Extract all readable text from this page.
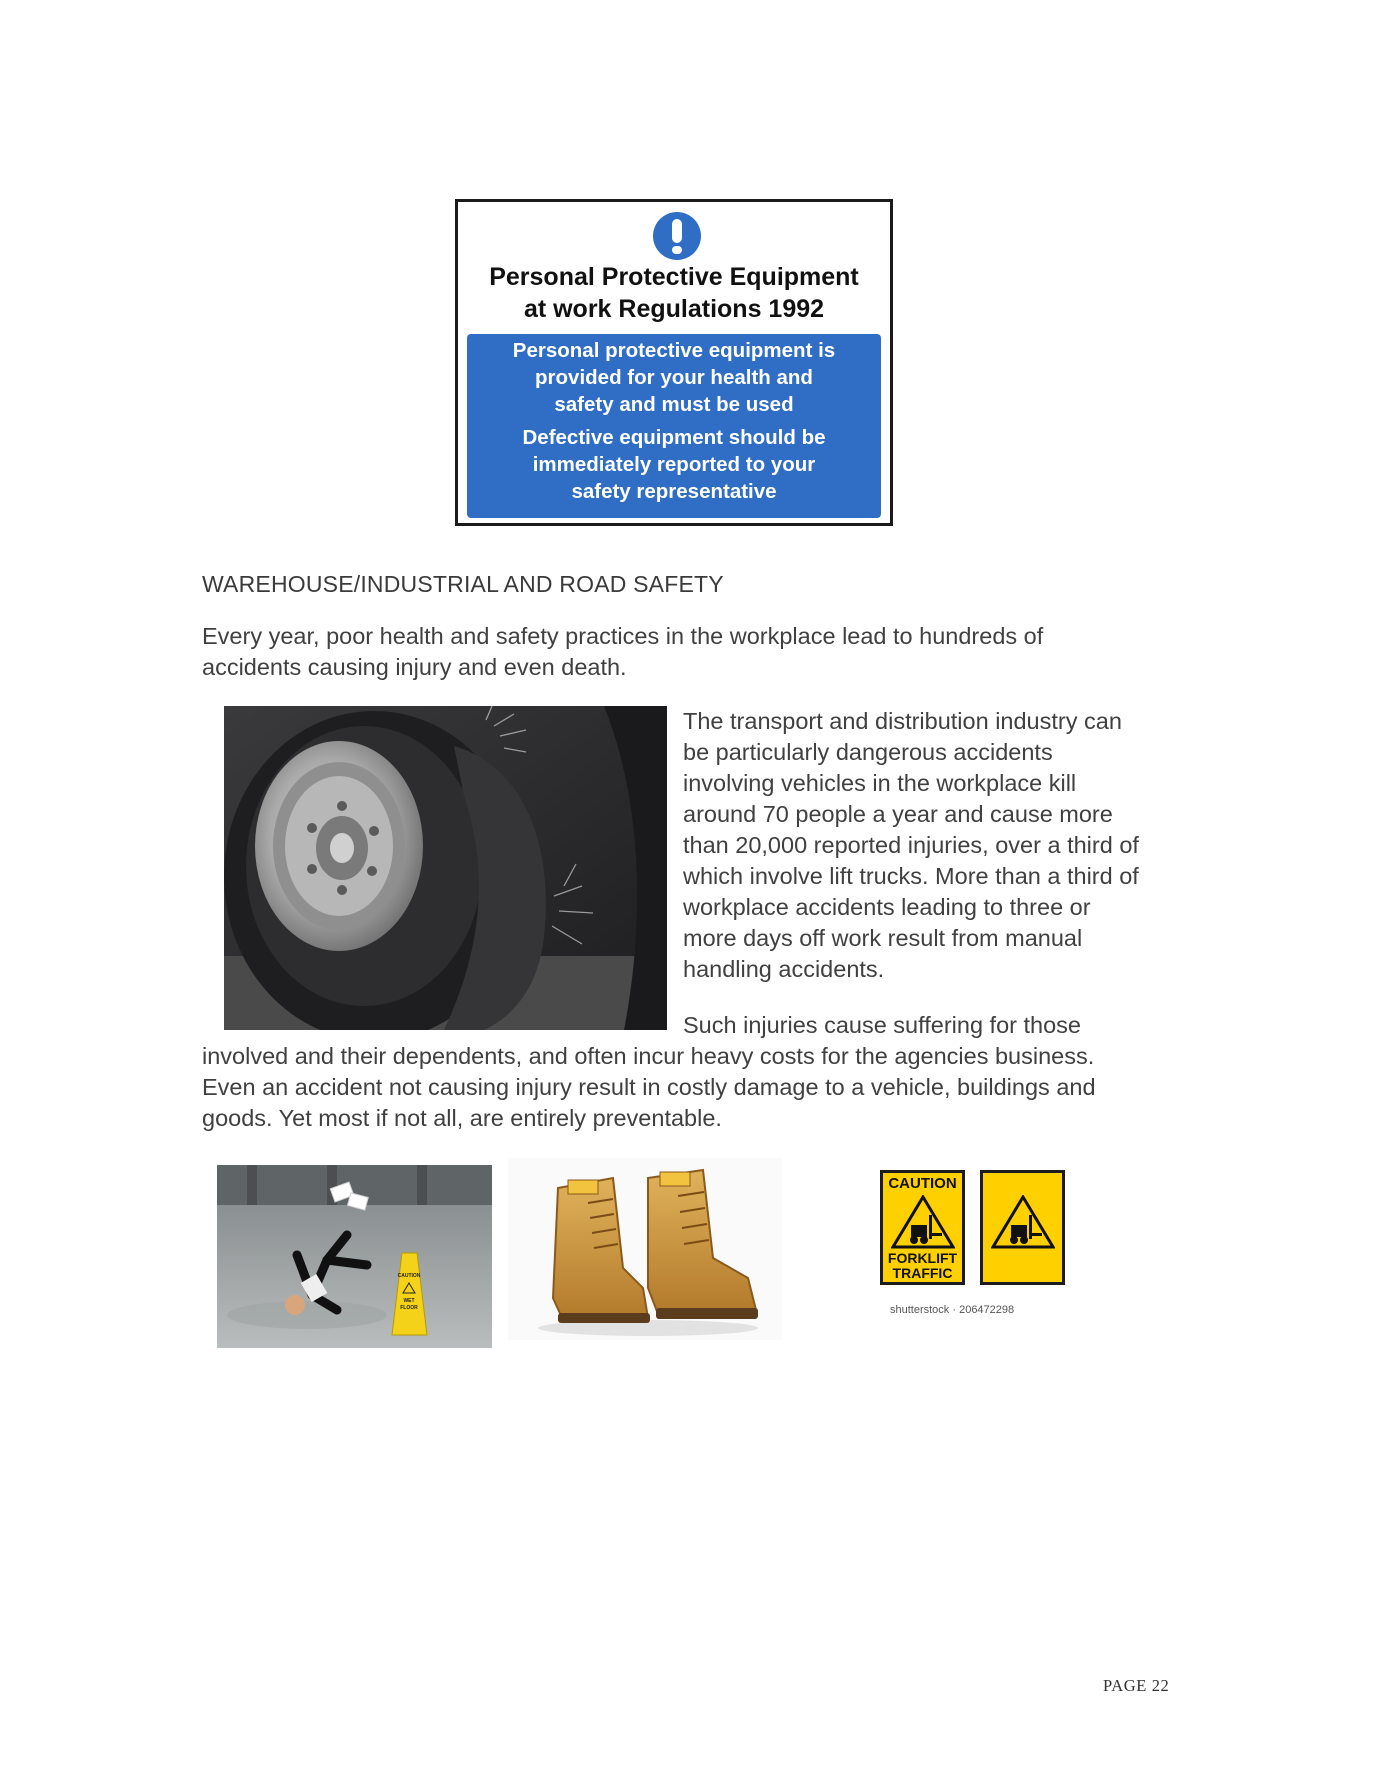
Personal Protective Equipment
at work Regulations 1992
Personal protective equipment is
provided for your health and
safety and must be used
Defective equipment should be
immediately reported to your
safety representative
WAREHOUSE/INDUSTRIAL AND ROAD SAFETY
Every year, poor health and safety practices in the workplace lead to hundreds of
accidents causing injury and even death.
The transport and distribution industry can
be particularly dangerous accidents
involving vehicles in the workplace kill
around 70 people a year and cause more
than 20,000 reported injuries, over a third of
which involve lift trucks. More than a third of
workplace accidents leading to three or
more days off work result from manual
handling accidents.
Such injuries cause suffering for those
involved and their dependents, and often incur heavy costs for the agencies business.
Even an accident not causing injury result in costly damage to a vehicle, buildings and
goods. Yet most if not all, are entirely preventable.
CAUTION
WET
FLOOR
CAUTION
FORKLIFT
TRAFFIC
shutterstock · 206472298
PAGE 22
